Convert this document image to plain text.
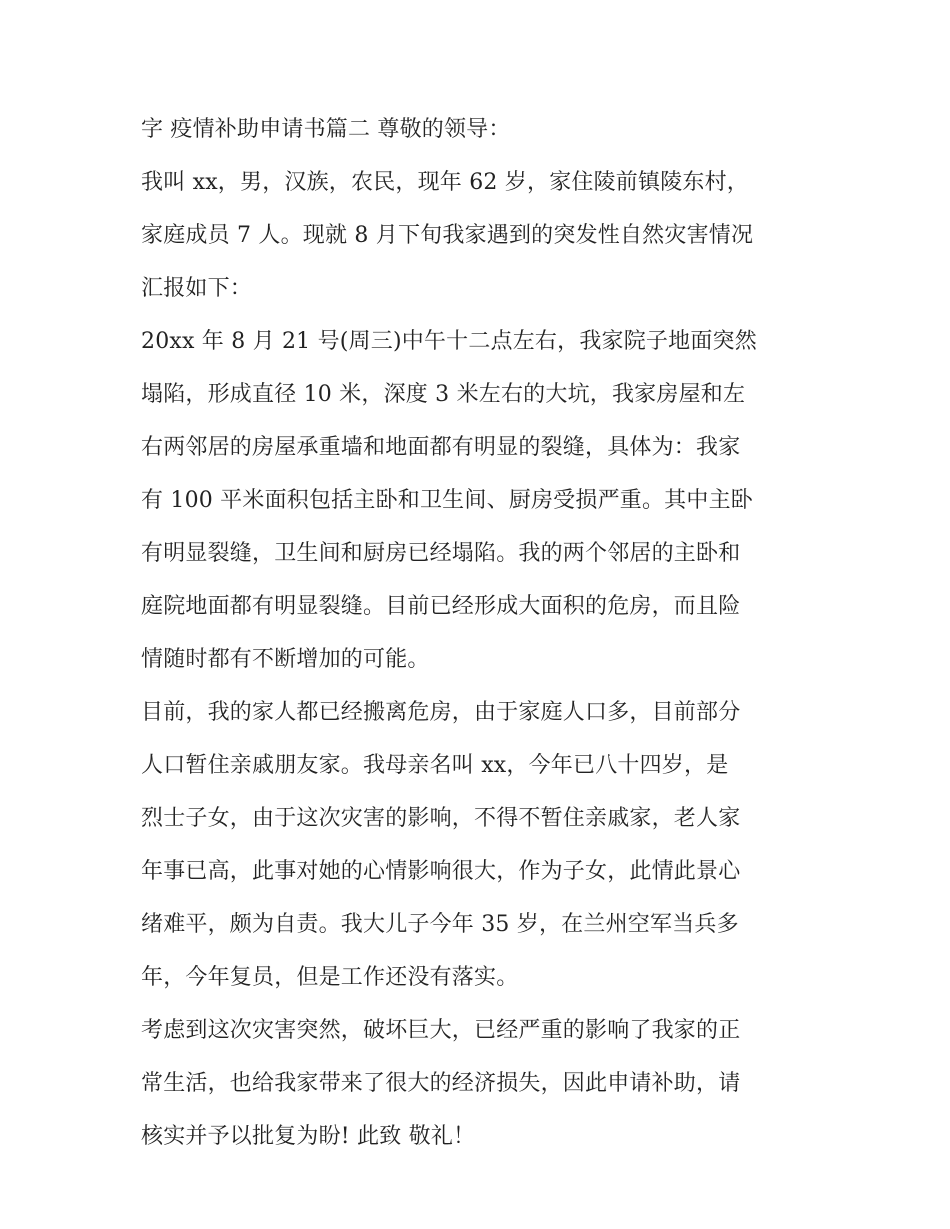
字 疫情补助申请书篇二 尊敬的领导：
我叫 xx，男，汉族，农民，现年 62 岁，家住陵前镇陵东村，
家庭成员 7 人。现就 8 月下旬我家遇到的突发性自然灾害情况
汇报如下：
20xx 年 8 月 21 号(周三)中午十二点左右，我家院子地面突然
塌陷，形成直径 10 米，深度 3 米左右的大坑，我家房屋和左
右两邻居的房屋承重墙和地面都有明显的裂缝，具体为：我家
有 100 平米面积包括主卧和卫生间、厨房受损严重。其中主卧
有明显裂缝，卫生间和厨房已经塌陷。我的两个邻居的主卧和
庭院地面都有明显裂缝。目前已经形成大面积的危房，而且险
情随时都有不断增加的可能。
目前，我的家人都已经搬离危房，由于家庭人口多，目前部分
人口暂住亲戚朋友家。我母亲名叫 xx，今年已八十四岁，是
烈士子女，由于这次灾害的影响，不得不暂住亲戚家，老人家
年事已高，此事对她的心情影响很大，作为子女，此情此景心
绪难平，颇为自责。我大儿子今年 35 岁，在兰州空军当兵多
年，今年复员，但是工作还没有落实。
考虑到这次灾害突然，破坏巨大，已经严重的影响了我家的正
常生活，也给我家带来了很大的经济损失，因此申请补助，请
核实并予以批复为盼! 此致 敬礼！
